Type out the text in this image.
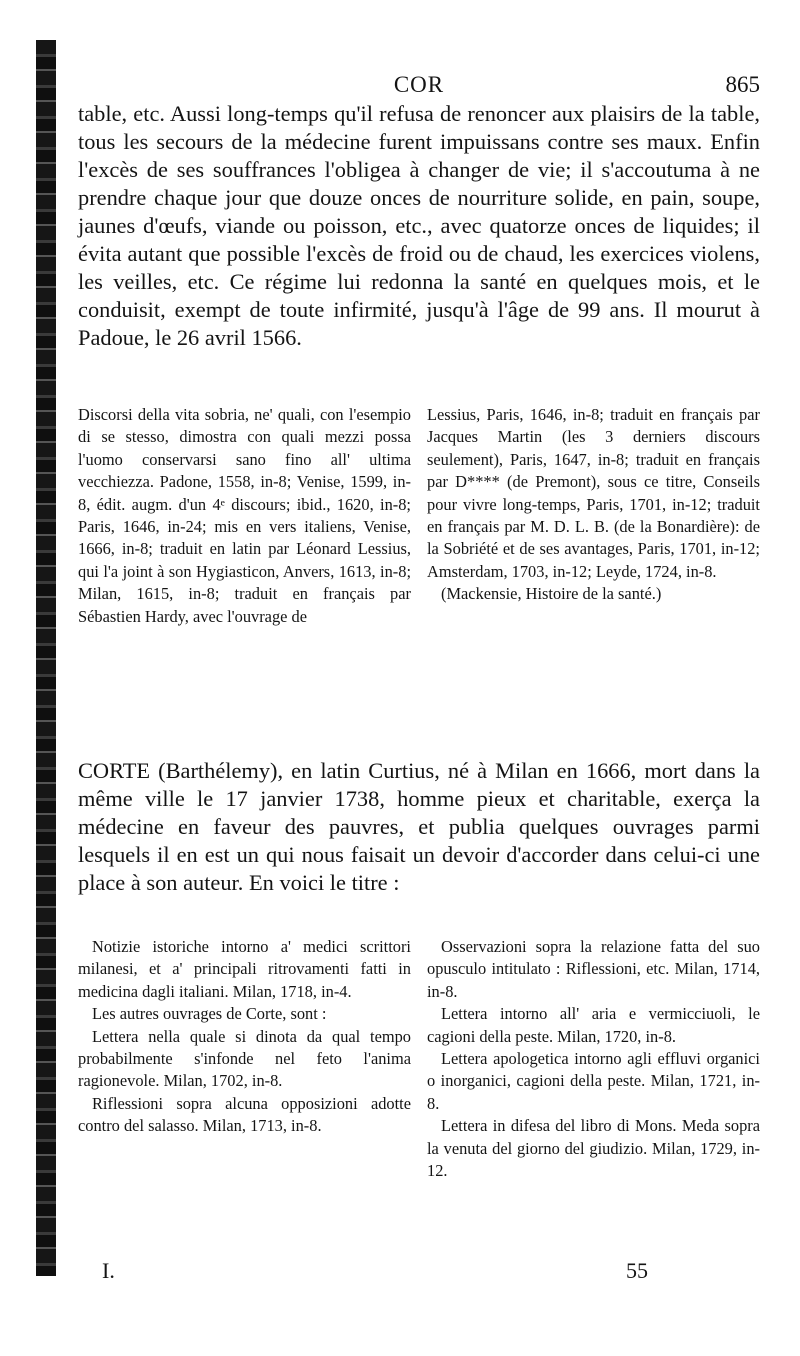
COR	865

table, etc. Aussi long-temps qu'il refusa de renoncer aux plaisirs de la table, tous les secours de la médecine furent impuissans contre ses maux. Enfin l'excès de ses souffrances l'obligea à changer de vie; il s'accoutuma à ne prendre chaque jour que douze onces de nourriture solide, en pain, soupe, jaunes d'œufs, viande ou poisson, etc., avec quatorze onces de liquides; il évita autant que possible l'excès de froid ou de chaud, les exercices violens, les veilles, etc. Ce régime lui redonna la santé en quelques mois, et le conduisit, exempt de toute infirmité, jusqu'à l'âge de 99 ans. Il mourut à Padoue, le 26 avril 1566.

Discorsi della vita sobria, ne' quali, con l'esempio di se stesso, dimostra con quali mezzi possa l'uomo conservarsi sano fino all' ultima vecchiezza. Padone, 1558, in-8; Venise, 1599, in-8, édit. augm. d'un 4ᵉ discours; ibid., 1620, in-8; Paris, 1646, in-24; mis en vers italiens, Venise, 1666, in-8; traduit en latin par Léonard Lessius, qui l'a joint à son Hygiasticon, Anvers, 1613, in-8; Milan, 1615, in-8; traduit en français par Sébastien Hardy, avec l'ouvrage de

Lessius, Paris, 1646, in-8; traduit en français par Jacques Martin (les 3 derniers discours seulement), Paris, 1647, in-8; traduit en français par D**** (de Premont), sous ce titre, Conseils pour vivre long-temps, Paris, 1701, in-12; traduit en français par M. D. L. B. (de la Bonardière): de la Sobriété et de ses avantages, Paris, 1701, in-12; Amsterdam, 1703, in-12; Leyde, 1724, in-8.

(Mackensie, Histoire de la santé.)

CORTE (Barthélemy), en latin Curtius, né à Milan en 1666, mort dans la même ville le 17 janvier 1738, homme pieux et charitable, exerça la médecine en faveur des pauvres, et publia quelques ouvrages parmi lesquels il en est un qui nous faisait un devoir d'accorder dans celui-ci une place à son auteur. En voici le titre :

Notizie istoriche intorno a' medici scrittori milanesi, et a' principali ritrovamenti fatti in medicina dagli italiani. Milan, 1718, in-4.

Les autres ouvrages de Corte, sont :

Lettera nella quale si dinota da qual tempo probabilmente s'infonde nel feto l'anima ragionevole. Milan, 1702, in-8.

Riflessioni sopra alcuna opposizioni adotte contro del salasso. Milan, 1713, in-8.

Osservazioni sopra la relazione fatta del suo opusculo intitulato : Riflessioni, etc. Milan, 1714, in-8.

Lettera intorno all' aria e vermicciuoli, le cagioni della peste. Milan, 1720, in-8.

Lettera apologetica intorno agli effluvi organici o inorganici, cagioni della peste. Milan, 1721, in-8.

Lettera in difesa del libro di Mons. Meda sopra la venuta del giorno del giudizio. Milan, 1729, in-12.

I.	55
